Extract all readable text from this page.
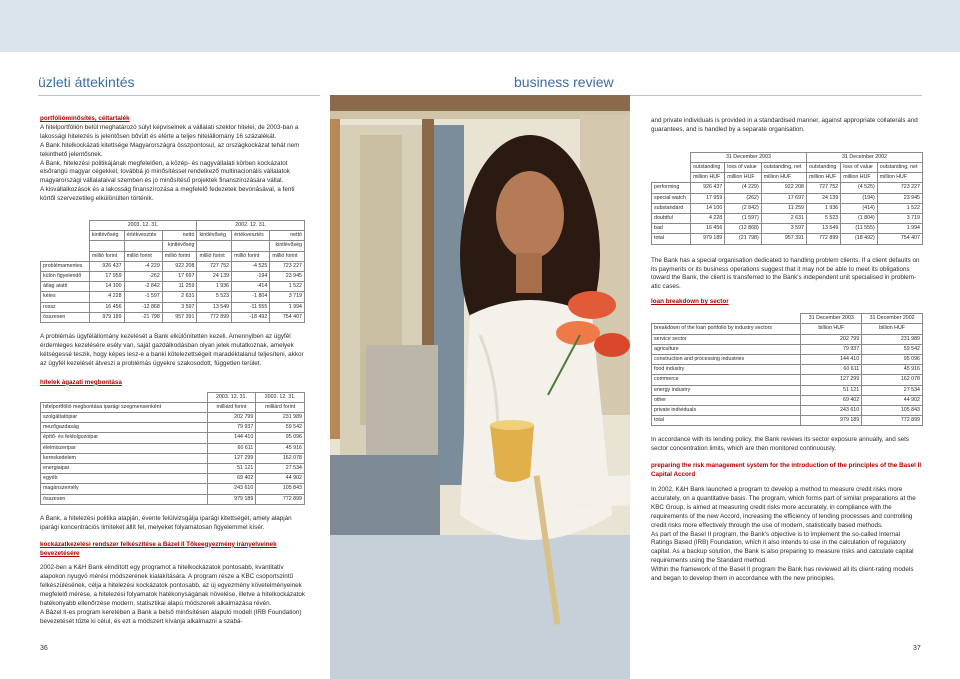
üzleti áttekintés	business review

portfólióminősítés, céltartalék

A hitelportfólión belül meghatározó súlyt képviselnek a vállalati szektor hitelei, de 2003-ban a lakossági hitelezés is jelentősen bővült és elérte a teljes hitelállomány 16 százalékát.

A Bank hitelkockázati kitettsége Magyarországra összpontosul, az országkockázat tehát nem tekinthető jelentősnek.

A Bank, hitelezési politikájának megfelelően, a közép- és nagyvállalati körben kockázatot elsőrangú magyar cégekkel, továbbá jó minősítéssel rendelkező multinacionális vállalatok magyarországi vállalataival szemben és jó minősítésű projektek finanszírozására vállal.

A kisvállalkozások és a lakosság finanszírozása a megfelelő fedezetek bevonásával, a fenti körtől szervezetileg elkülönülten történik.

	2003. 12. 31.			2002. 12. 31.		
	kintlévőség	értékvesztés	nettó	kintlévőség	értékvesztés	nettó
			kintlévőség			kintlévőség
	millió forint	millió forint	millió forint	millió forint	millió forint	millió forint
problémamentes	926 437	-4 229	922 208	727 752	-4 525	723 227
külön figyelendő	17 959	-262	17 697	24 139	-194	23 945
átlag alatti	14 100	-2 842	11 259	1 936	-414	1 522
kétes	4 228	-1 597	2 631	5 523	-1 804	3 719
rossz	16 456	-12 868	3 597	13 549	-11 555	1 994
összesen	979 189	-21 798	957 391	772 899	-18 492	754 407

A problémás ügyfélállomány kezelését a Bank elkülönítetten kezeli. Amennyiben az ügyfél érdemleges kezelésére esély van, saját gazdálkodásban olyan jelek mutatkoznak, amelyek kétségessé teszik, hogy képes lesz-e a banki kötelezettségeit maradéktalanul teljesíteni, akkor az ügyfél kezelését átveszi a problémás ügyekre szakosodott, független terület.

hitelek ágazati megbontása

	2003. 12. 31.	2002. 12. 31.
hitelportfólió megbontása iparági szegmensenként	milliárd forint	milliárd forint
szolgáltatópiar	202 799	231 989
mezőgazdaság	79 937	59 542
építő- és feldolgozóipar	144 410	95 096
élelmiszeripar	60 611	45 916
kereskedelem	127 299	162 078
energiaipar	51 121	27 534
egyéb	69 402	44 902
magánszemély	243 610	105 843
összesen	979 189	772 899

A Bank, a hitelezési politika alapján, évente felülvizsgálja iparági kitettségét, amely alapján iparági koncentrációs limiteket állít fel, melyeket folyamatosan figyelemmel kísér.

kockázatkezelési rendszer felkészítése a Bázel II Tőkeegyezmény irányelveinek bevezetésére

2002-ben a K&H Bank elindított egy programot a hitelkockázatok pontosabb, kvantitatív alapokon nyugvó mérési módszerének kialakítására. A program része a KBC csoportszintű felkészülésének, célja a hitelezési kockázatok pontosabb, az új egyezmény követelményeinek megfelelő mérése, a hitelezési folyamatok hatékonyságának növelése, illetve a hitelkockázatok hatékonyabb ellenőrzése modern, statisztikai alapú módszerek alkalmazása révén.

A Bázel II-es program keretében a Bank a belső minősítésen alapuló modell (IRB Foundation) bevezetését tűzte ki célul, és ezt a módszert kívánja alkalmazni a szabá-

and private individuals is provided in a standardised manner, against appropriate collaterals and guarantees, and is handled by a separate organisation.

	31 December 2003			31 December 2002		
	outstanding	loss of value	outstanding, net	outstanding	loss of value	outstanding, net
	million HUF	million HUF	million HUF	million HUF	million HUF	million HUF
performing	926 437	(4 229)	922 208	727 752	(4 525)	723 227
special watch	17 959	(262)	17 697	24 139	(194)	23 945
substandard	14 100	(2 842)	11 259	1 936	(414)	1 522
doubtful	4 228	(1 597)	2 631	5 523	(1 804)	3 719
bad	16 456	(12 868)	3 597	13 549	(11 555)	1 994
total	979 189	(21 798)	957 391	772 899	(18 492)	754 407

The Bank has a special organisation dedicated to handling problem clients. If a client defaults on its payments or its business operations suggest that it may not be able to meet its obligations toward the Bank, the client is transferred to the Bank's independent unit specialised in problem-atic cases.

loan breakdown by sector

	31 December 2003	31 December 2002
breakdown of the loan portfolio by industry sectors	billion HUF	billion HUF
service sector	202 799	231 989
agriculture	79 937	59 542
construction and processing industries	144 410	95 096
food industry	60 611	45 916
commerce	127 299	162 078
energy industry	51 121	27 534
other	69 402	44 902
private individuals	243 610	105 843
total	979 189	772 899

In accordance with its lending policy, the Bank reviews its sector exposure annually, and sets sector concentration limits, which are then monitored continuously.

preparing the risk management system for the introduction of the principles of the Basel II Capital Accord

In 2002, K&H Bank launched a program to develop a method to measure credit risks more accurately, on a quantitative basis. The program, which forms part of similar preparations at the KBC Group, is aimed at measuring credit risks more accurately, in compliance with the requirements of the new Accord, increasing the efficiency of lending processes and controlling credit risks more effectively through the use of modern, statistically based methods.

As part of the Basel II program, the Bank's objective is to implement the so-called Internal Ratings Based (IRB) Foundation, which it also intends to use in the calculation of regulatory capital. As a backup solution, the Bank is also preparing to measure risks and calculate capital requirements using the Standard method.

Within the framework of the Basel II program the Bank has reviewed all its client-rating models and began to develop them in accordance with the new principles.

36	37
